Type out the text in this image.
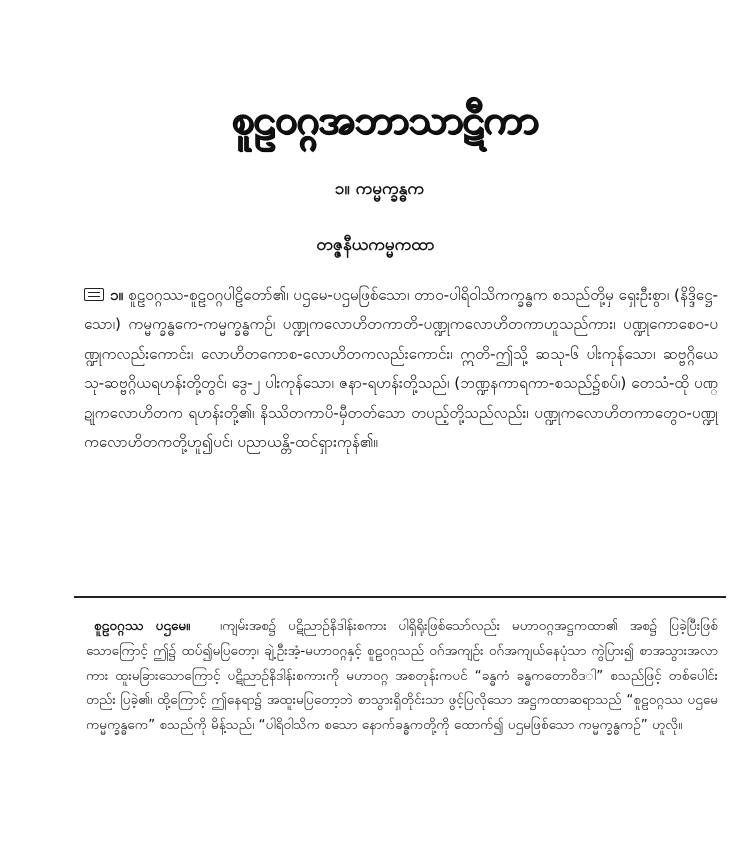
စူဠဝဂ္ဂအဘာသာဋီကာ
၁။ ကမ္မက္ခန္ဓက
တဇ္ဇနီယကမ္မကထာ
၁။ စူဠဝဂ္ဂဿ-စူဠဝဂ္ဂပါဠိတော်၏၊ ပဌမေ-ပဌမဖြစ်သော၊ တာဝ-ပါရိဝါသိကက္ခန္ဓက စသည်တို့မှ ရှေးဦးစွာ၊ (နိဒ္ဒိဋ္ဌေ-သော၊) ကမ္မက္ခန္ဓကေ-ကမ္မက္ခန္ဓကဉ်၊ ပဏ္ဍုကလောဟိတကာတိ-ပဏ္ဍုကလောဟိတကာဟူသည်ကား၊ ပဏ္ဍုကောစေဝ-ပဏ္ဍုကလည်းကောင်း၊ လောဟိတကောစ-လောဟိတကလည်းကောင်း၊ ဣတိ-ဤသို့ ဆသု-၆ ပါးကုန်သော၊ ဆဗ္ဗဂ္ဂိယေသု-ဆဗ္ဗဂ္ဂိယရဟန်းတို့တွင်၊ ဒွေ-၂ ပါးကုန်သော၊ ဇနာ-ရဟန်းတို့သည်၊ (ဘဏ္ဍနကာရကာ-စသည်၌စပ်၊) တေသံ-ထို ပဏ္ဍုကလောဟိတက ရဟန်းတို့၏၊ နိဿိတကာပိ-မှီတတ်သော တပည့်တို့သည်လည်း၊ ပဏ္ဍုကလောဟိတကာတွေဝ-ပဏ္ဍုကလောဟိတကတို့ဟူ၍ပင်၊ ပညာယန္တိ-ထင်ရှားကုန်၏။
စူဠဝဂ္ဂဿ ပဌမေ။ ၊ကျမ်းအစ၌ ပဋိညာဉ်နိဒါန်းစကား ပါရှိရိုးဖြစ်သော်လည်း မဟာဝဂ္ဂအဋ္ဌကထာ၏ အစ၌ ပြခဲ့ပြီးဖြစ်သောကြောင့် ဤ၌ ထပ်၍မပြတော့၊ ချဲ့ဦးအံ့-မဟာဝဂ္ဂနှင့် စူဠဝဂ္ဂသည် ဝဂ်အကျဉ်း ဝဂ်အကျယ်နေပုံသာ ကွဲပြား၍ စာအသွားအလာကား ထူးမခြားသောကြောင့် ပဋိညာဉ်နိဒါန်းစကားကို မဟာဝဂ္ဂ အစတုန်းကပင် “ခန္ဓကံ ခန္ဓကတော၀ိဒ​ါ” စသည်ဖြင့် တစ်ပေါင်းတည်း ပြခဲ့၏၊ ထို့ကြောင့် ဤနေရာ၌ အထူးမပြတော့ဘဲ စာသွားရှိတိုင်းသာ ဖွင့်ပြလိုသော အဋ္ဌကထာဆရာသည် “စူဠဝဂ္ဂဿ ပဌမေ ကမ္မက္ခန္ဓကေ” စသည်ကို မိန့်သည်၊ “ပါရိဝါသိက စသော နောက်ခန္ဓကတို့ကို ထောက်၍ ပဌမဖြစ်သော ကမ္မက္ခန္ဓကဉ်” ဟူလို။
